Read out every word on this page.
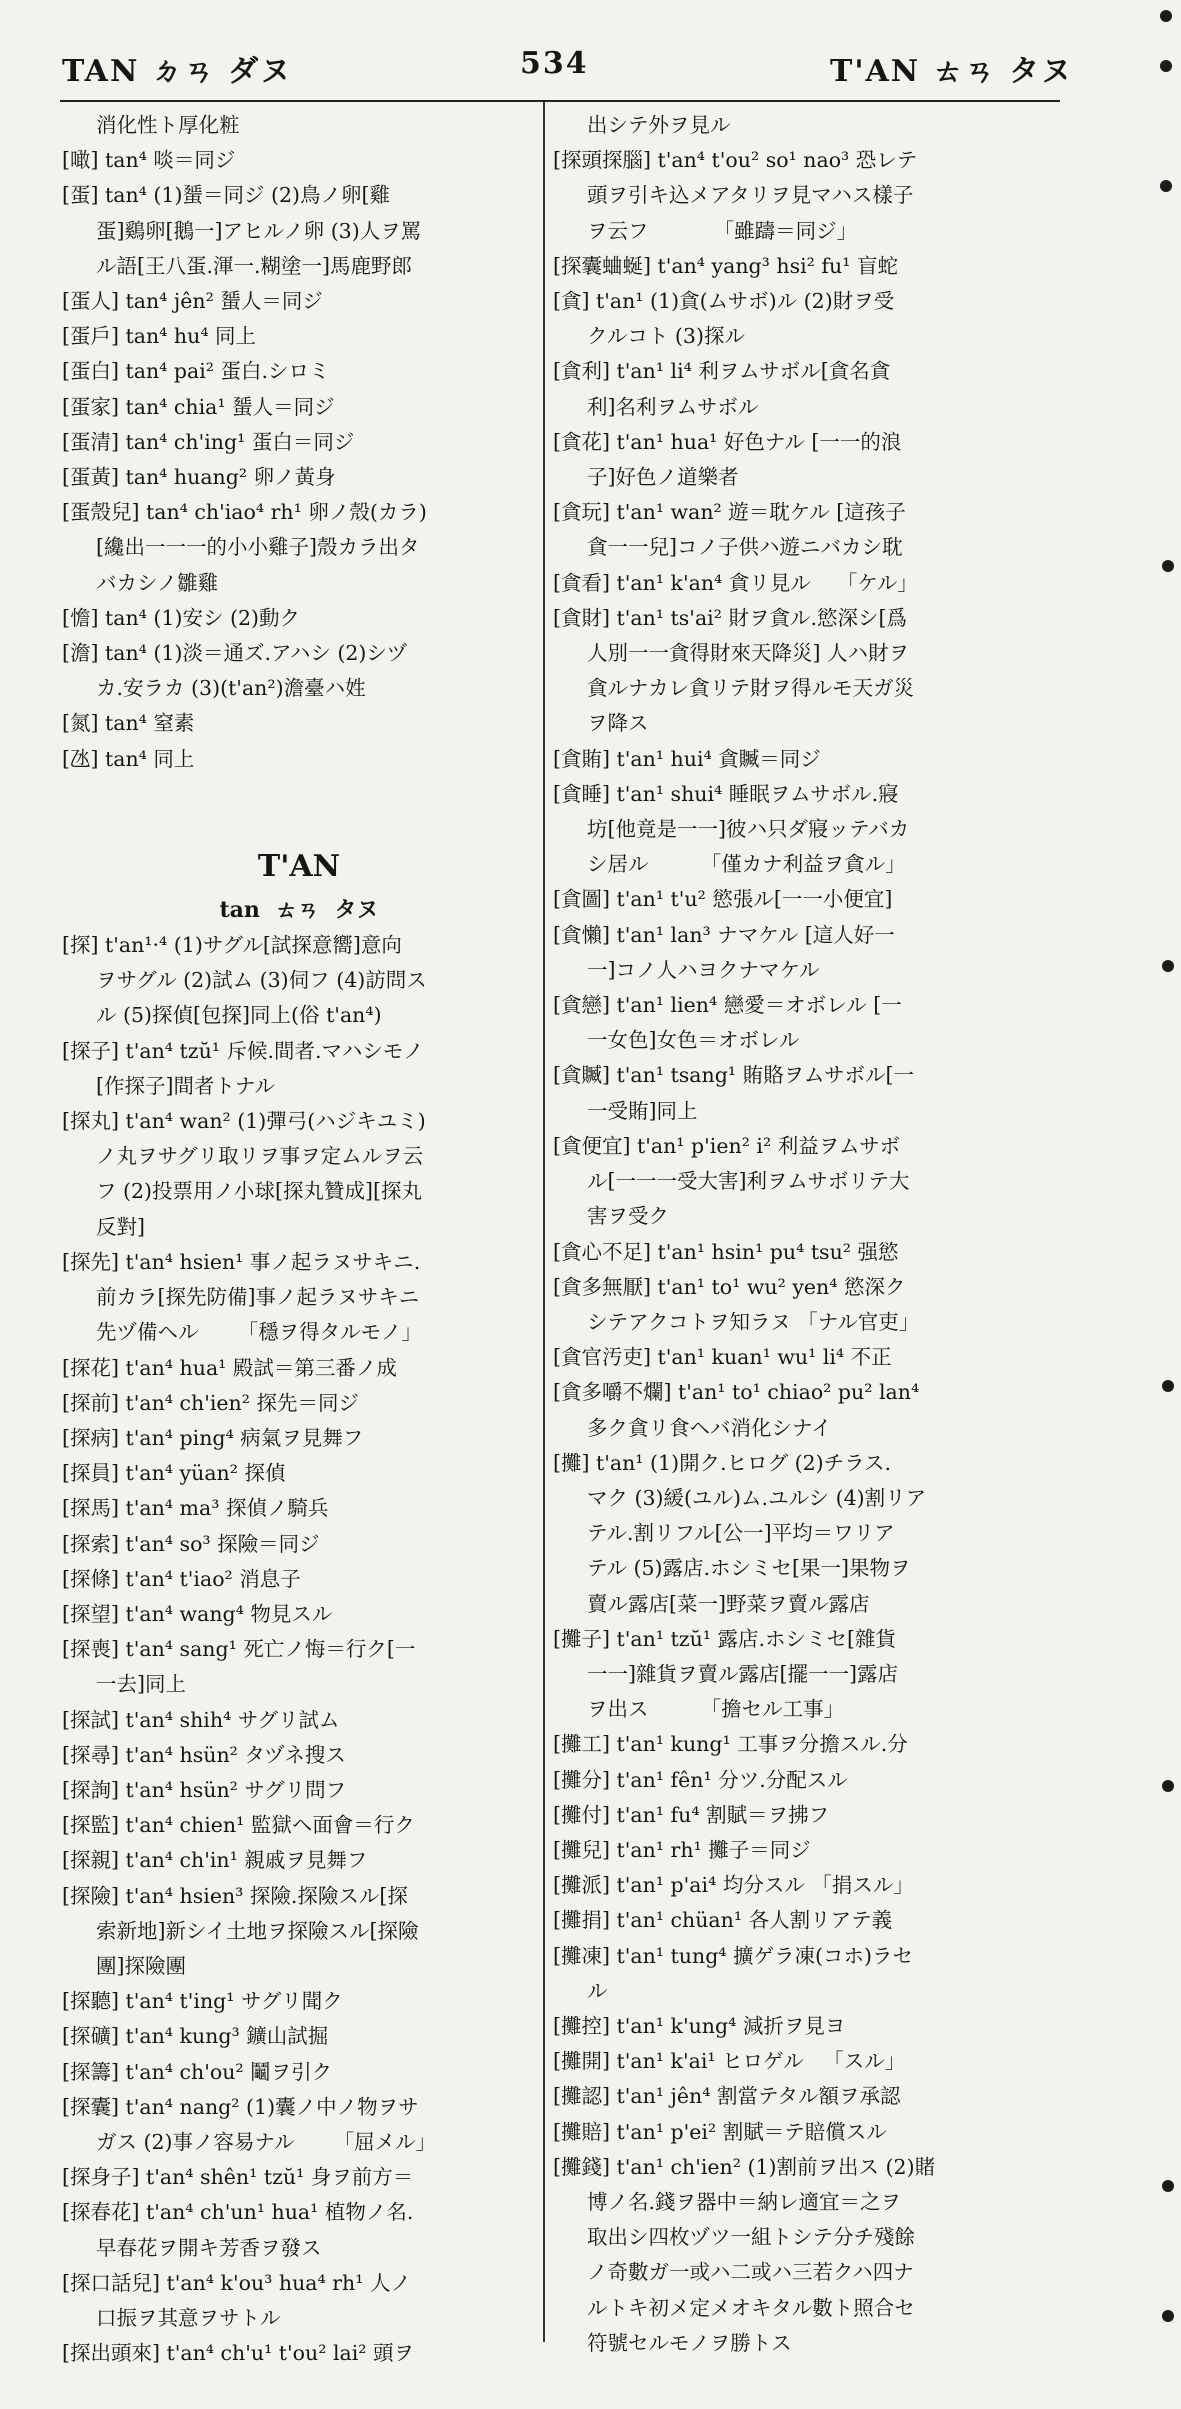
TAN ㄉㄢ ダヌ	534	T'AN ㄊㄢ タヌ

消化性ト厚化粧

[噉] tan⁴ 啖＝同ジ

[蛋] tan⁴ (1)蜑＝同ジ (2)鳥ノ卵[雞

蛋]鷄卵[鵝一]アヒルノ卵 (3)人ヲ罵

ル語[王八蛋.渾一.糊塗一]馬鹿野郎

[蛋人] tan⁴ jên² 蜑人＝同ジ

[蛋戶] tan⁴ hu⁴ 同上

[蛋白] tan⁴ pai² 蛋白.シロミ

[蛋家] tan⁴ chia¹ 蜑人＝同ジ

[蛋清] tan⁴ ch'ing¹ 蛋白＝同ジ

[蛋黃] tan⁴ huang² 卵ノ黃身

[蛋殼兒] tan⁴ ch'iao⁴ rh¹ 卵ノ殼(カラ)

[纔出一一一的小小雞子]殼カラ出タ

バカシノ雛雞

[憺] tan⁴ (1)安シ (2)動ク

[澹] tan⁴ (1)淡＝通ズ.アハシ (2)シヅ

カ.安ラカ (3)(t'an²)澹臺ハ姓

[氮] tan⁴ 窒素

[氹] tan⁴ 同上

T'AN

tan  ㄊㄢ  タヌ

[探] t'an¹·⁴ (1)サグル[試探意嚮]意向

ヲサグル (2)試ム (3)伺フ (4)訪問ス

ル (5)探偵[包探]同上(俗 t'an⁴)

[探子] t'an⁴ tzŭ¹ 斥候.間者.マハシモノ

[作探子]間者トナル

[探丸] t'an⁴ wan² (1)彈弓(ハジキユミ)

ノ丸ヲサグリ取リヲ事ヲ定ムルヲ云

フ (2)投票用ノ小球[探丸贊成][探丸

反對]

[探先] t'an⁴ hsien¹ 事ノ起ラヌサキニ.

前カラ[探先防備]事ノ起ラヌサキニ

先ヅ備ヘル      「穩ヲ得タルモノ」

[探花] t'an⁴ hua¹ 殿試＝第三番ノ成

[探前] t'an⁴ ch'ien² 探先＝同ジ

[探病] t'an⁴ ping⁴ 病氣ヲ見舞フ

[探員] t'an⁴ yüan² 探偵

[探馬] t'an⁴ ma³ 探偵ノ騎兵

[探索] t'an⁴ so³ 探險＝同ジ

[探條] t'an⁴ t'iao² 消息子

[探望] t'an⁴ wang⁴ 物見スル

[探喪] t'an⁴ sang¹ 死亡ノ悔＝行ク[一

一去]同上

[探試] t'an⁴ shih⁴ サグリ試ム

[探尋] t'an⁴ hsün² タヅネ搜ス

[探詢] t'an⁴ hsün² サグリ問フ

[探監] t'an⁴ chien¹ 監獄ヘ面會＝行ク

[探親] t'an⁴ ch'in¹ 親戚ヲ見舞フ

[探險] t'an⁴ hsien³ 探險.探險スル[探

索新地]新シイ土地ヲ探險スル[探險

團]探險團

[探聽] t'an⁴ t'ing¹ サグリ聞ク

[探礦] t'an⁴ kung³ 鑛山試掘

[探籌] t'an⁴ ch'ou² 鬮ヲ引ク

[探囊] t'an⁴ nang² (1)囊ノ中ノ物ヲサ

ガス (2)事ノ容易ナル      「屈メル」

[探身子] t'an⁴ shên¹ tzŭ¹ 身ヲ前方＝

[探春花] t'an⁴ ch'un¹ hua¹ 植物ノ名.

早春花ヲ開キ芳香ヲ發ス

[探口話兒] t'an⁴ k'ou³ hua⁴ rh¹ 人ノ

口振ヲ其意ヲサトル

[探出頭來] t'an⁴ ch'u¹ t'ou² lai² 頭ヲ

出シテ外ヲ見ル

[探頭探腦] t'an⁴ t'ou² so¹ nao³ 恐レテ

頭ヲ引キ込メアタリヲ見マハス樣子

ヲ云フ          「雖躊＝同ジ」

[探囊蛐蜒] t'an⁴ yang³ hsi² fu¹ 盲蛇

[貪] t'an¹ (1)貪(ムサボ)ル (2)財ヲ受

クルコト (3)探ル

[貪利] t'an¹ li⁴ 利ヲムサボル[貪名貪

利]名利ヲムサボル

[貪花] t'an¹ hua¹ 好色ナル [一一的浪

子]好色ノ道樂者

[貪玩] t'an¹ wan² 遊＝耽ケル [這孩子

貪一一兒]コノ子供ハ遊ニバカシ耽

[貪看] t'an¹ k'an⁴ 貪リ見ル    「ケル」

[貪財] t'an¹ ts'ai² 財ヲ貪ル.慾深シ[爲

人別一一貪得財來天降災] 人ハ財ヲ

貪ルナカレ貪リテ財ヲ得ルモ天ガ災

ヲ降ス

[貪賄] t'an¹ hui⁴ 貪贓＝同ジ

[貪睡] t'an¹ shui⁴ 睡眠ヲムサボル.寢

坊[他竟是一一]彼ハ只ダ寢ッテバカ

シ居ル        「僅カナ利益ヲ貪ル」

[貪圖] t'an¹ t'u² 慾張ル[一一小便宜]

[貪懶] t'an¹ lan³ ナマケル [這人好一

一]コノ人ハヨクナマケル

[貪戀] t'an¹ lien⁴ 戀愛＝オボレル [一

一女色]女色＝オボレル

[貪贓] t'an¹ tsang¹ 賄賂ヲムサボル[一

一受賄]同上

[貪便宜] t'an¹ p'ien² i² 利益ヲムサボ

ル[一一一受大害]利ヲムサボリテ大

害ヲ受ク

[貪心不足] t'an¹ hsin¹ pu⁴ tsu² 强慾

[貪多無厭] t'an¹ to¹ wu² yen⁴ 慾深ク

シテアクコトヲ知ラヌ 「ナル官吏」

[貪官汚吏] t'an¹ kuan¹ wu¹ li⁴ 不正

[貪多嚼不爛] t'an¹ to¹ chiao² pu² lan⁴

多ク貪リ食ヘバ消化シナイ

[攤] t'an¹ (1)開ク.ヒログ (2)チラス.

マク (3)緩(ユル)ム.ユルシ (4)割リア

テル.割リフル[公一]平均＝ワリア

テル (5)露店.ホシミセ[果一]果物ヲ

賣ル露店[菜一]野菜ヲ賣ル露店

[攤子] t'an¹ tzŭ¹ 露店.ホシミセ[雜貨

一一]雜貨ヲ賣ル露店[擺一一]露店

ヲ出ス        「擔セル工事」

[攤工] t'an¹ kung¹ 工事ヲ分擔スル.分

[攤分] t'an¹ fên¹ 分ツ.分配スル

[攤付] t'an¹ fu⁴ 割賦＝ヲ拂フ

[攤兒] t'an¹ rh¹ 攤子＝同ジ

[攤派] t'an¹ p'ai⁴ 均分スル 「捐スル」

[攤捐] t'an¹ chüan¹ 各人割リアテ義

[攤凍] t'an¹ tung⁴ 擴ゲラ凍(コホ)ラセ

ル

[攤控] t'an¹ k'ung⁴ 減折ヲ見ヨ

[攤開] t'an¹ k'ai¹ ヒロゲル   「スル」

[攤認] t'an¹ jên⁴ 割當テタル額ヲ承認

[攤賠] t'an¹ p'ei² 割賦＝テ賠償スル

[攤錢] t'an¹ ch'ien² (1)割前ヲ出ス (2)賭

博ノ名.錢ヲ器中＝納レ適宜＝之ヲ

取出シ四枚ヅツ一組トシテ分チ殘餘

ノ奇數ガ一或ハ二或ハ三若クハ四ナ

ルトキ初メ定メオキタル數ト照合セ

符號セルモノヲ勝トス
